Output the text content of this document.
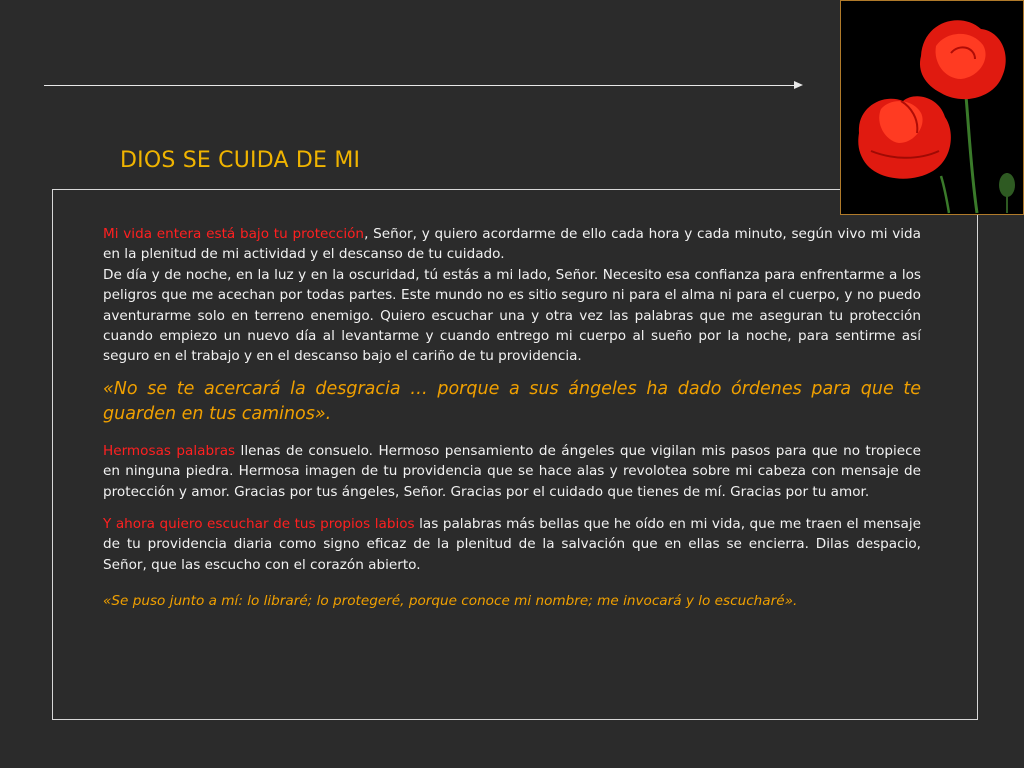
DIOS SE CUIDA DE MI

Mi vida entera está bajo tu protección, Señor, y quiero acordarme de ello cada hora y cada minuto, según vivo mi vida en la plenitud de mi actividad y el descanso de tu cuidado.

De día y de noche, en la luz y en la oscuridad, tú estás a mi lado, Señor. Necesito esa confianza para enfrentarme a los peligros que me acechan por todas partes. Este mundo no es sitio seguro ni para el alma ni para el cuerpo, y no puedo aventurarme solo en terreno enemigo. Quiero escuchar una y otra vez las palabras que me aseguran tu protección cuando empiezo un nuevo día al levantarme y cuando entrego mi cuerpo al sueño por la noche, para sentirme así seguro en el trabajo y en el descanso bajo el cariño de tu providencia.

«No se te acercará la desgracia … porque a sus ángeles ha dado órdenes para que te guarden en tus caminos».

Hermosas palabras llenas de consuelo. Hermoso pensamiento de ángeles que vigilan mis pasos para que no tropiece en ninguna piedra. Hermosa imagen de tu providencia que se hace alas y revolotea sobre mi cabeza con mensaje de protección y amor. Gracias por tus ángeles, Señor. Gracias por el cuidado que tienes de mí. Gracias por tu amor.

Y ahora quiero escuchar de tus propios labios las palabras más bellas que he oído en mi vida, que me traen el mensaje de tu providencia diaria como signo eficaz de la plenitud de la salvación que en ellas se encierra. Dilas despacio, Señor, que las escucho con el corazón abierto.

«Se puso junto a mí: lo libraré; lo protegeré, porque conoce mi nombre; me invocará y lo escucharé».
